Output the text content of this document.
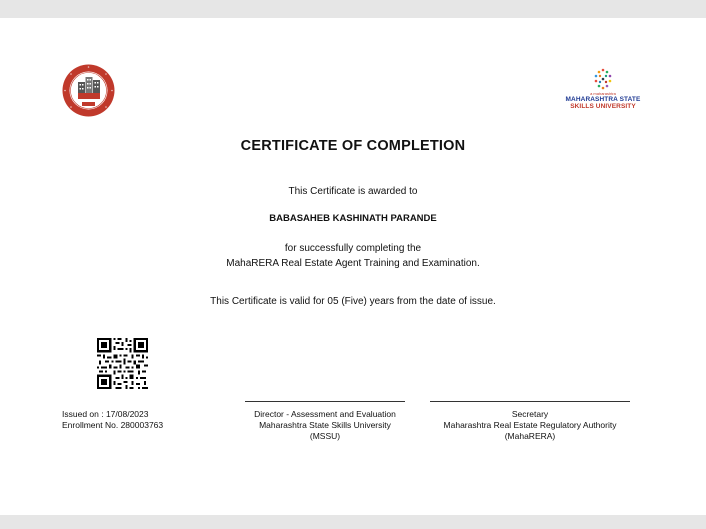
a maharashtra
MAHARASHTRA STATE
SKILLS UNIVERSITY
CERTIFICATE OF COMPLETION
This Certificate is awarded to
BABASAHEB KASHINATH PARANDE
for successfully completing the
MahaRERA Real Estate Agent Training and Examination.
This Certificate is valid for 05 (Five) years from the date of issue.
Issued on : 17/08/2023
Enrollment No. 280003763
Director - Assessment and Evaluation
Maharashtra State Skills University
(MSSU)
Secretary
Maharashtra Real Estate Regulatory Authority
(MahaRERA)
